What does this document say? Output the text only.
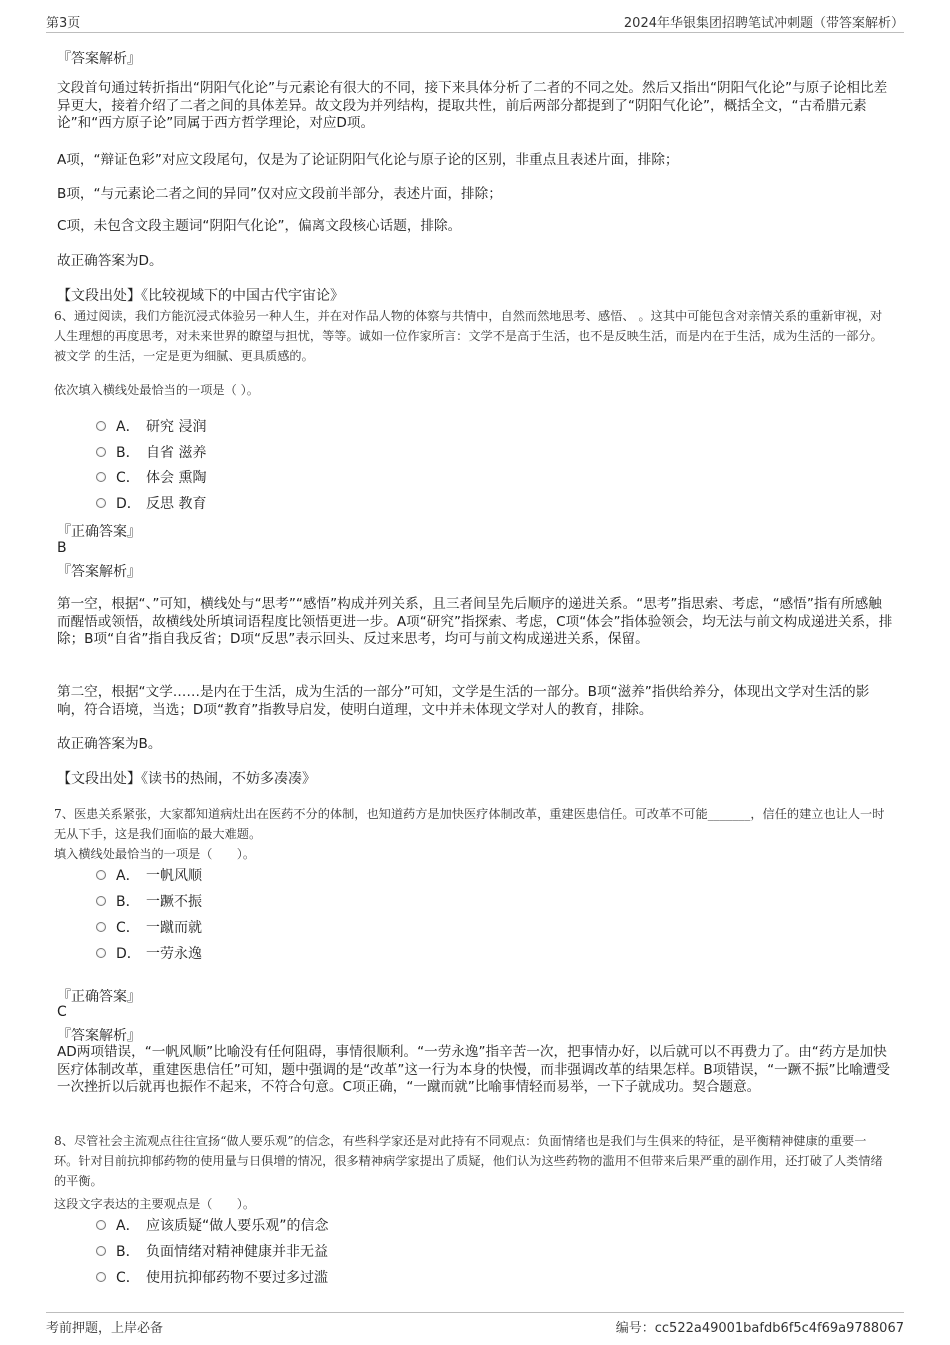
第3页	2024年华银集团招聘笔试冲刺题（带答案解析）
『答案解析』
文段首句通过转折指出“阴阳气化论”与元素论有很大的不同，接下来具体分析了二者的不同之处。然后又指出“阴阳气化论”与原子论相比差异更大，接着介绍了二者之间的具体差异。故文段为并列结构，提取共性，前后两部分都提到了“阴阳气化论”，概括全文，“古希腊元素论”和“西方原子论”同属于西方哲学理论，对应D项。
A项，“辩证色彩”对应文段尾句，仅是为了论证阴阳气化论与原子论的区别，非重点且表述片面，排除；
B项，“与元素论二者之间的异同”仅对应文段前半部分，表述片面，排除；
C项，未包含文段主题词“阴阳气化论”，偏离文段核心话题，排除。
故正确答案为D。
【文段出处】《比较视域下的中国古代宇宙论》
6、通过阅读，我们方能沉浸式体验另一种人生，并在对作品人物的体察与共情中，自然而然地思考、感悟、 。这其中可能包含对亲情关系的重新审视，对人生理想的再度思考，对未来世界的瞭望与担忧，等等。诚如一位作家所言：文学不是高于生活，也不是反映生活，而是内在于生活，成为生活的一部分。被文学 的生活，一定是更为细腻、更具质感的。
依次填入横线处最恰当的一项是（ ）。
A． 研究 浸润
B． 自省 滋养
C． 体会 熏陶
D． 反思 教育
『正确答案』
B
『答案解析』
第一空，根据“、”可知，横线处与“思考”“感悟”构成并列关系，且三者间呈先后顺序的递进关系。“思考”指思索、考虑，“感悟”指有所感触而醒悟或领悟，故横线处所填词语程度比领悟更进一步。A项“研究”指探索、考虑，C项“体会”指体验领会，均无法与前文构成递进关系，排除；B项“自省”指自我反省；D项“反思”表示回头、反过来思考，均可与前文构成递进关系，保留。
第二空，根据“文学……是内在于生活，成为生活的一部分”可知，文学是生活的一部分。B项“滋养”指供给养分，体现出文学对生活的影响，符合语境，当选；D项“教育”指教导启发，使明白道理，文中并未体现文学对人的教育，排除。
故正确答案为B。
【文段出处】《读书的热闹，不妨多凑凑》
7、医患关系紧张，大家都知道病灶出在医药不分的体制，也知道药方是加快医疗体制改革，重建医患信任。可改革不可能_______，信任的建立也让人一时无从下手，这是我们面临的最大难题。
填入横线处最恰当的一项是（　　）。
A． 一帆风顺
B． 一蹶不振
C． 一蹴而就
D． 一劳永逸
『正确答案』
C
『答案解析』
AD两项错误，“一帆风顺”比喻没有任何阻碍，事情很顺利。“一劳永逸”指辛苦一次，把事情办好，以后就可以不再费力了。由“药方是加快医疗体制改革，重建医患信任”可知，题中强调的是“改革”这一行为本身的快慢，而非强调改革的结果怎样。B项错误，“一蹶不振”比喻遭受一次挫折以后就再也振作不起来，不符合句意。C项正确，“一蹴而就”比喻事情轻而易举，一下子就成功。契合题意。
8、尽管社会主流观点往往宣扬“做人要乐观”的信念，有些科学家还是对此持有不同观点：负面情绪也是我们与生俱来的特征，是平衡精神健康的重要一环。针对目前抗抑郁药物的使用量与日俱增的情况，很多精神病学家提出了质疑，他们认为这些药物的滥用不但带来后果严重的副作用，还打破了人类情绪的平衡。
这段文字表达的主要观点是（　　）。
A． 应该质疑“做人要乐观”的信念
B． 负面情绪对精神健康并非无益
C． 使用抗抑郁药物不要过多过滥
考前押题，上岸必备	编号：cc522a49001bafdb6f5c4f69a9788067
